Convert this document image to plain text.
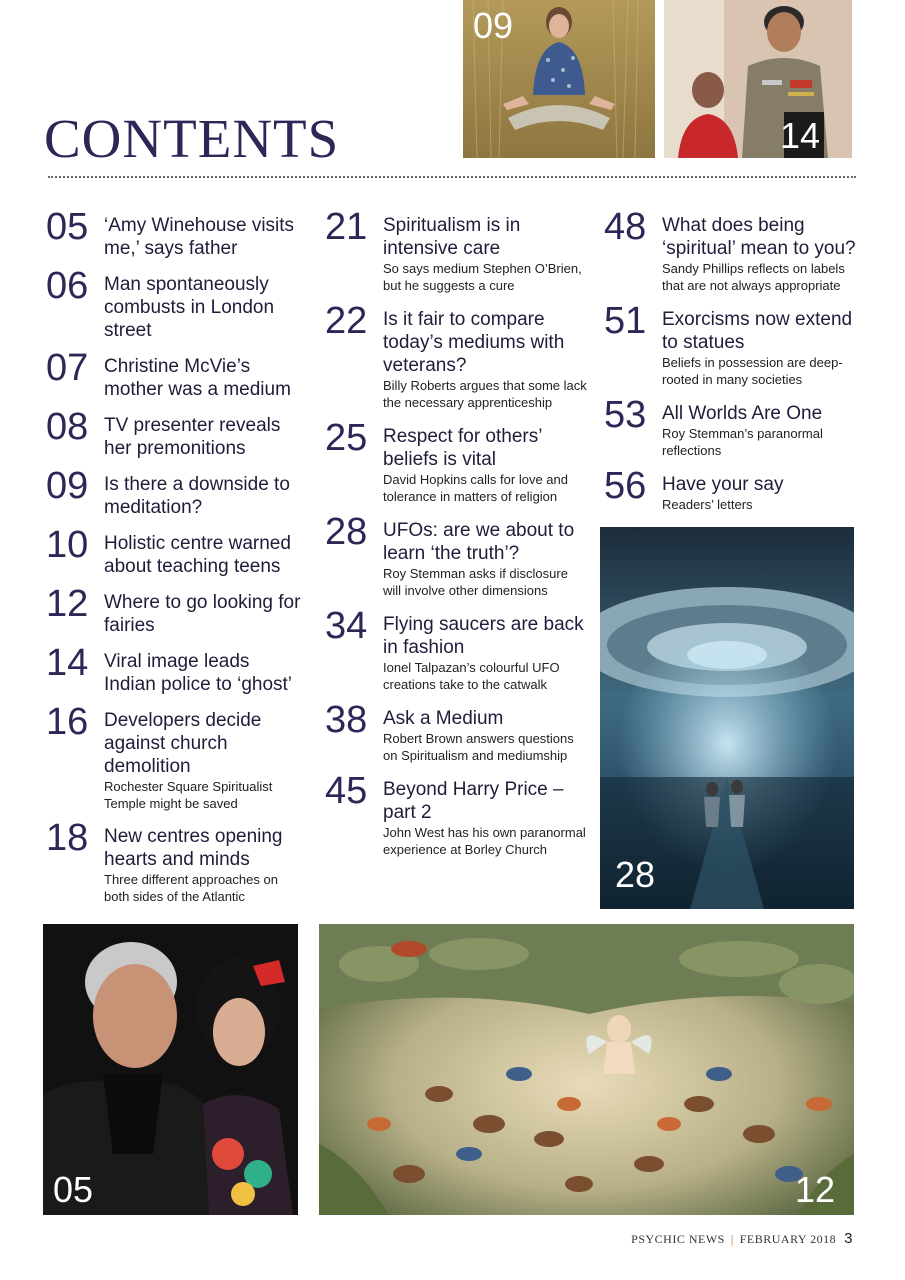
contents
09
14
05 ‘Amy Winehouse visits me,’ says father
06 Man spontaneously combusts in London street
07 Christine McVie’s mother was a medium
08 TV presenter reveals her premonitions
09 Is there a downside to meditation?
10 Holistic centre warned about teaching teens
12 Where to go looking for fairies
14 Viral image leads Indian police to ‘ghost’
16 Developers decide against church demolition
Rochester Square Spiritualist Temple might be saved
18 New centres opening hearts and minds
Three different approaches on both sides of the Atlantic
21 Spiritualism is in intensive care
So says medium Stephen O’Brien, but he suggests a cure
22 Is it fair to compare today’s mediums with veterans?
Billy Roberts argues that some lack the necessary apprenticeship
25 Respect for others’ beliefs is vital
David Hopkins calls for love and tolerance in matters of religion
28 UFOs: are we about to learn ‘the truth’?
Roy Stemman asks if disclosure will involve other dimensions
34 Flying saucers are back in fashion
Ionel Talpazan’s colourful UFO creations take to the catwalk
38 Ask a Medium
Robert Brown answers questions on Spiritualism and mediumship
45 Beyond Harry Price – part 2
John West has his own paranormal experience at Borley Church
48 What does being ‘spiritual’ mean to you?
Sandy Phillips reflects on labels that are not always appropriate
51 Exorcisms now extend to statues
Beliefs in possession are deep-rooted in many societies
53 All Worlds Are One
Roy Stemman’s paranormal reflections
56 Have your say
Readers’ letters
28
05	12
PSYCHIC NEWS | FEBRUARY 2018 3
